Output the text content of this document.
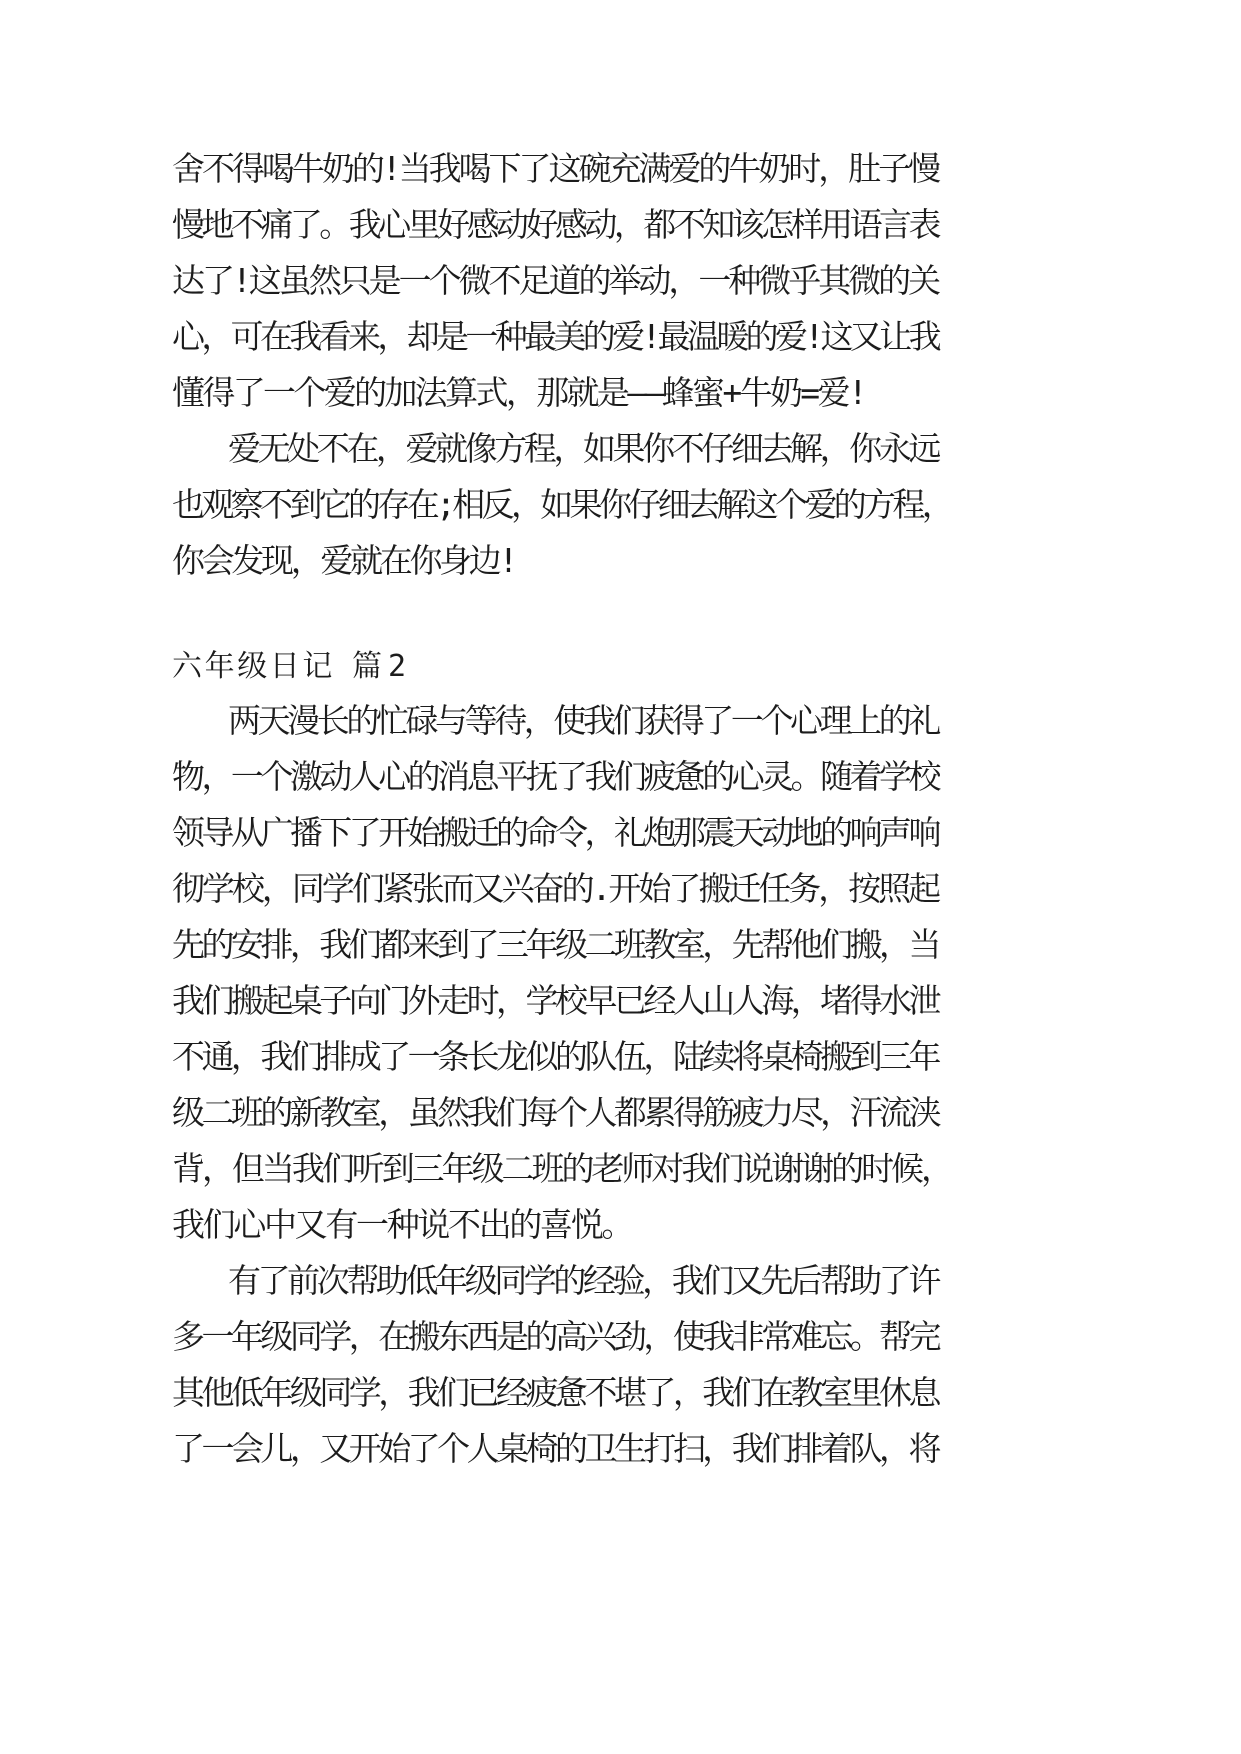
舍不得喝牛奶的!当我喝下了这碗充满爱的牛奶时，肚子慢
慢地不痛了。我心里好感动好感动，都不知该怎样用语言表
达了!这虽然只是一个微不足道的举动，一种微乎其微的关
心，可在我看来，却是一种最美的爱!最温暖的爱!这又让我
懂得了一个爱的加法算式，那就是——蜂蜜+牛奶=爱!
爱无处不在，爱就像方程，如果你不仔细去解，你永远
也观察不到它的存在;相反，如果你仔细去解这个爱的方程，
你会发现，爱就在你身边!
六年级日记 篇 2
两天漫长的忙碌与等待，使我们获得了一个心理上的礼
物，一个激动人心的消息平抚了我们疲惫的心灵。随着学校
领导从广播下了开始搬迁的命令，礼炮那震天动地的响声响
彻学校，同学们紧张而又兴奋的.开始了搬迁任务，按照起
先的安排，我们都来到了三年级二班教室，先帮他们搬，当
我们搬起桌子向门外走时，学校早已经人山人海，堵得水泄
不通，我们排成了一条长龙似的队伍，陆续将桌椅搬到三年
级二班的新教室，虽然我们每个人都累得筋疲力尽，汗流浃
背，但当我们听到三年级二班的老师对我们说谢谢的时候，
我们心中又有一种说不出的喜悦。
有了前次帮助低年级同学的经验，我们又先后帮助了许
多一年级同学，在搬东西是的高兴劲，使我非常难忘。帮完
其他低年级同学，我们已经疲惫不堪了，我们在教室里休息
了一会儿，又开始了个人桌椅的卫生打扫，我们排着队，将
